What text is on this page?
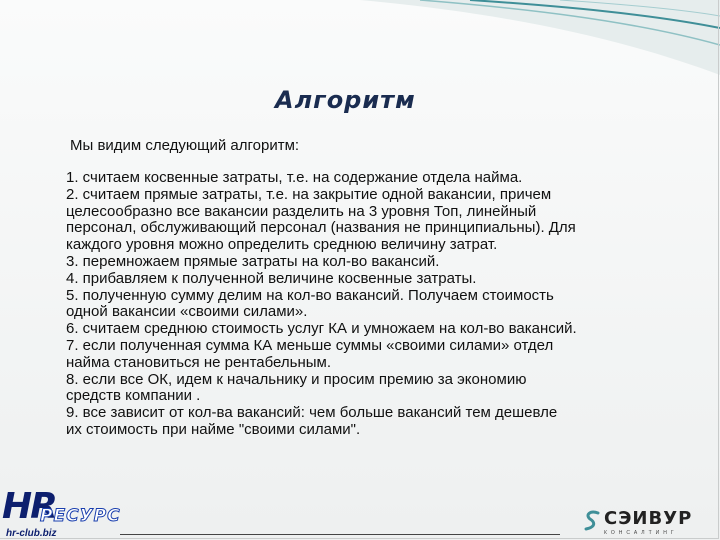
Алгоритм
Мы видим следующий алгоритм:
1. считаем косвенные затраты, т.е. на содержание отдела найма.
2. считаем прямые затраты, т.е. на закрытие одной вакансии, причем
целесообразно все вакансии разделить на 3 уровня Топ, линейный
персонал, обслуживающий персонал (названия не принципиальны). Для
каждого уровня можно определить среднюю величину затрат.
3. перемножаем прямые затраты на кол-во вакансий.
4. прибавляем к полученной величине косвенные затраты.
5. полученную сумму делим на кол-во вакансий. Получаем стоимость
одной вакансии «своими силами».
6. считаем среднюю стоимость услуг КА и умножаем на кол-во вакансий.
7. если полученная сумма КА меньше суммы «своими силами» отдел
найма становиться не рентабельным.
8. если все ОК, идем к начальнику и просим премию за экономию
средств компании .
9. все зависит от кол-ва вакансий: чем больше вакансий тем дешевле
их стоимость при найме "своими силами".
HR
РЕСУРС
hr-club.biz
СЭИВУР
КОНСАЛТИНГ
